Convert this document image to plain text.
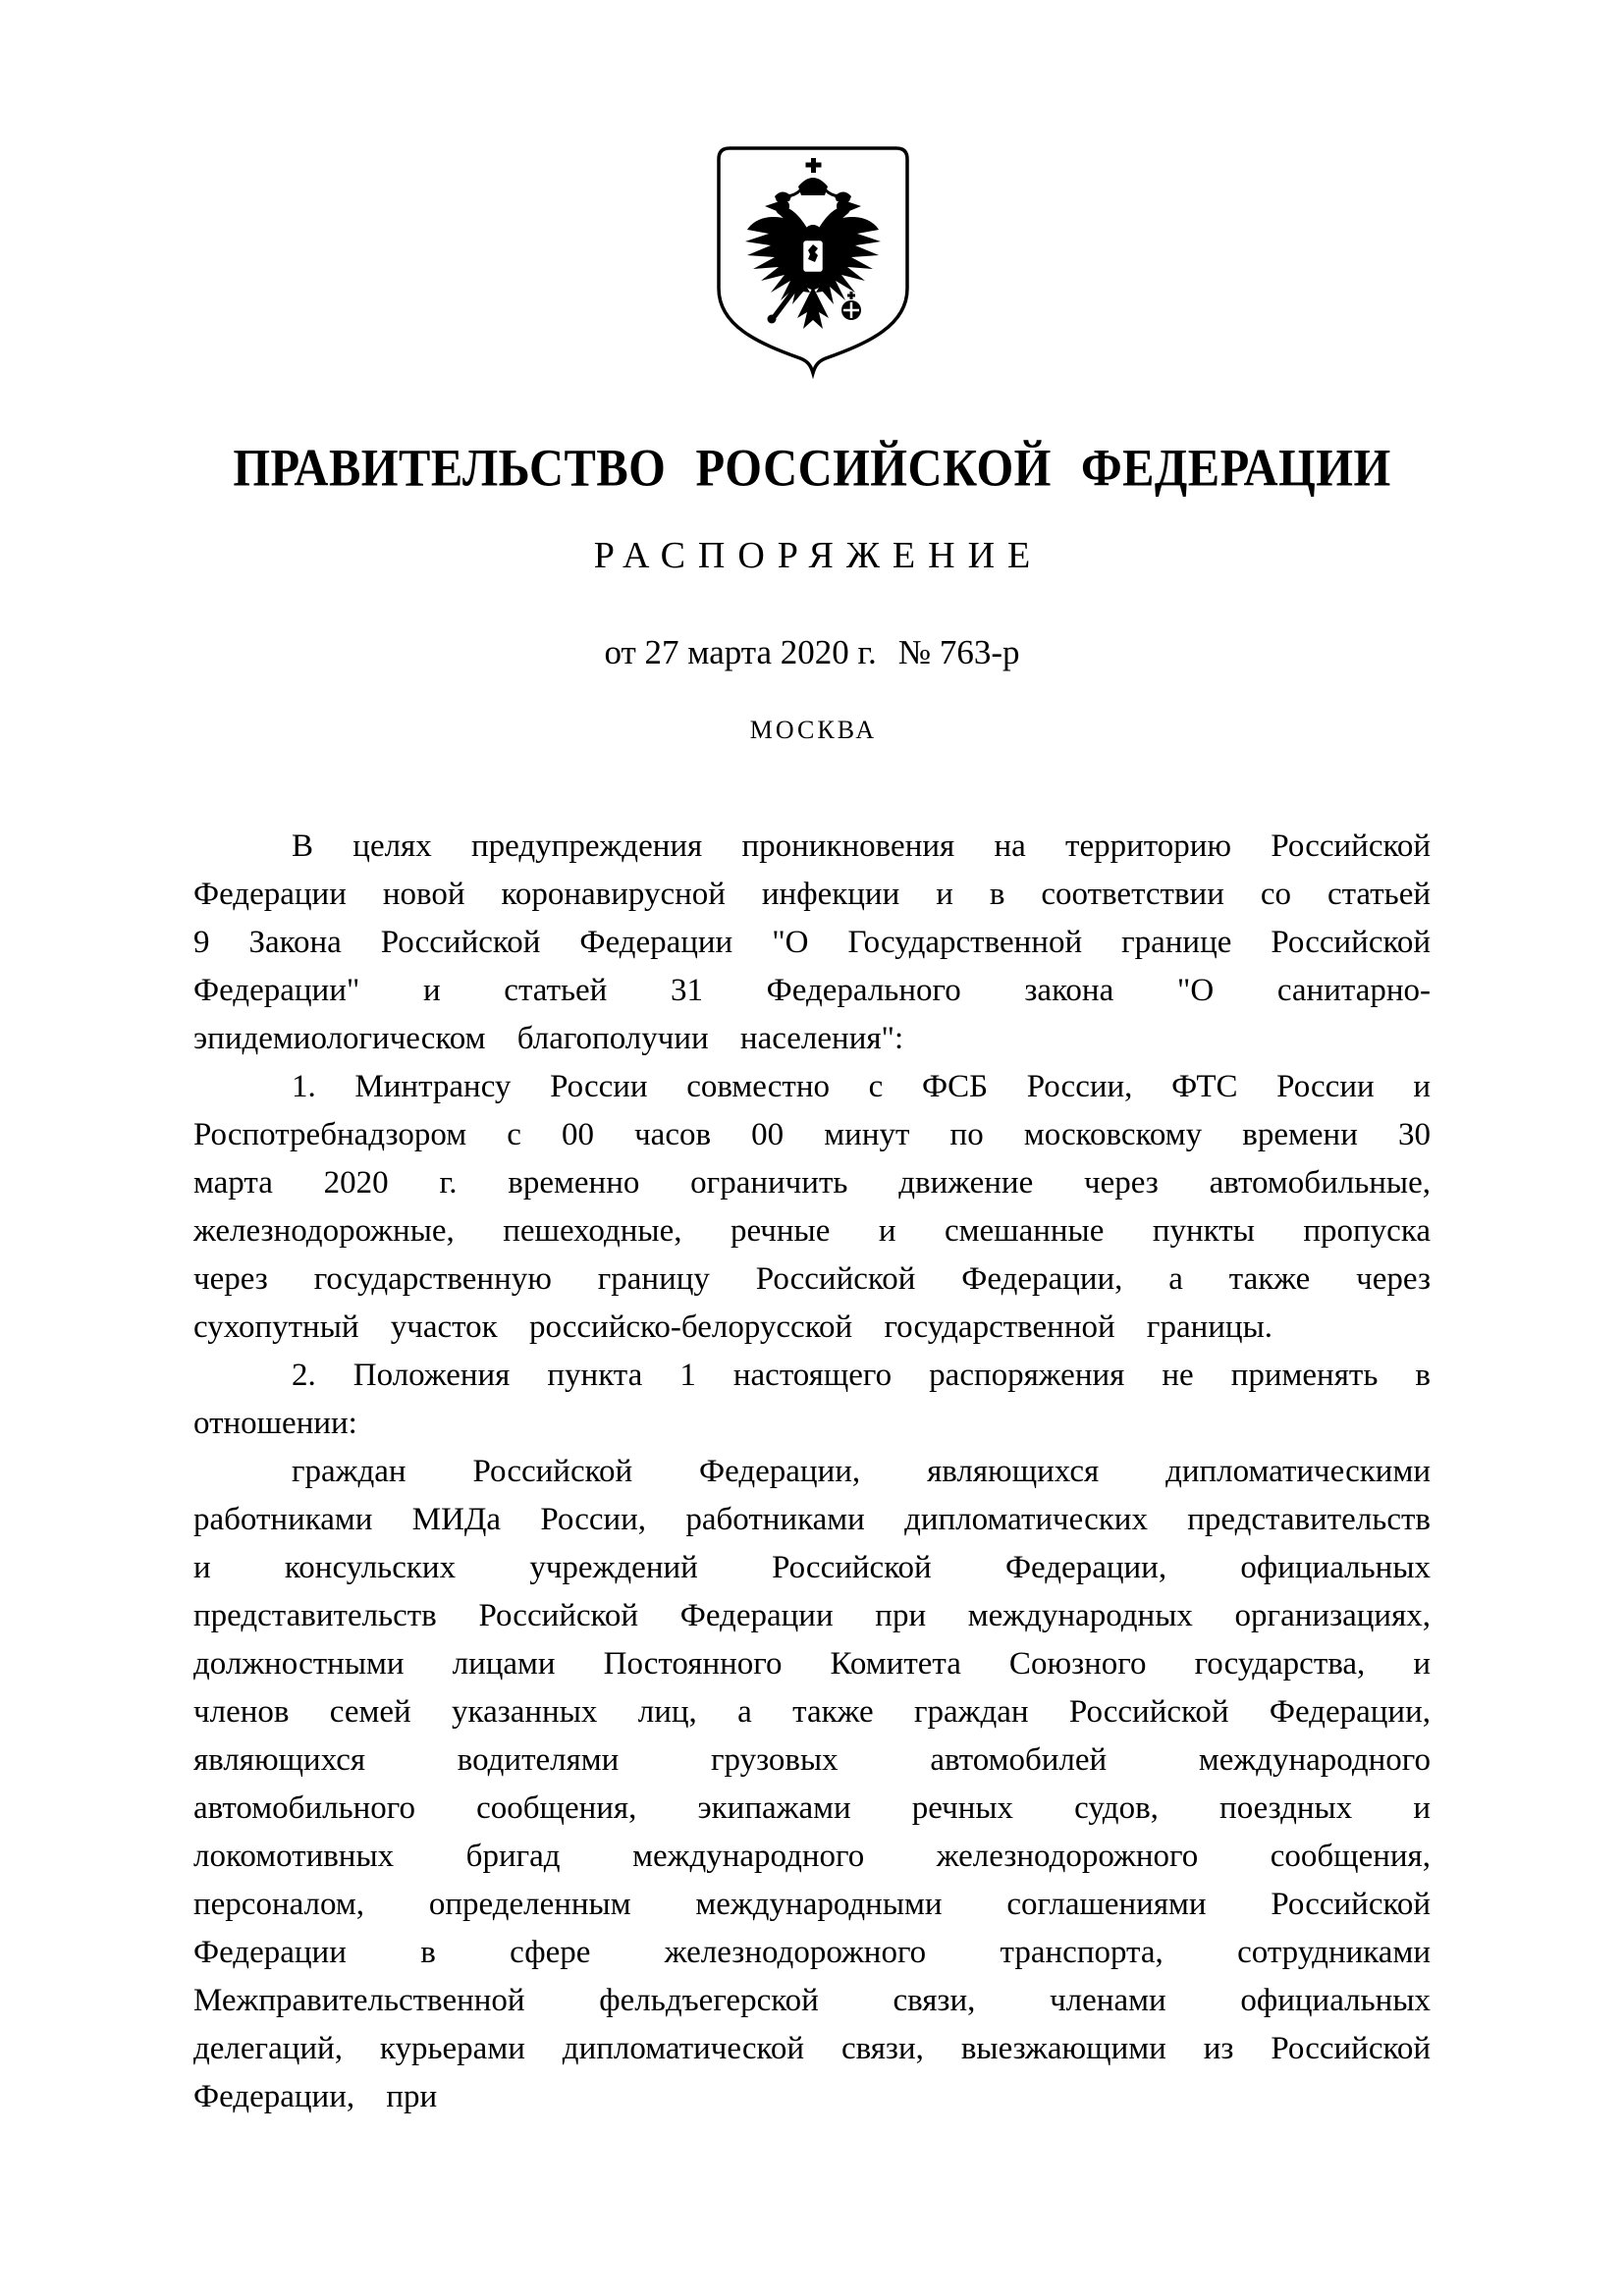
ПРАВИТЕЛЬСТВО РОССИЙСКОЙ ФЕДЕРАЦИИ
РАСПОРЯЖЕНИЕ
от 27 марта 2020 г. № 763-р
МОСКВА

В целях предупреждения проникновения на территорию Российской Федерации новой коронавирусной инфекции и в соответствии со статьей 9 Закона Российской Федерации "О Государственной границе Российской Федерации" и статьей 31 Федерального закона "О санитарно-эпидемиологическом благополучии населения":

1. Минтрансу России совместно с ФСБ России, ФТС России и Роспотребнадзором с 00 часов 00 минут по московскому времени 30 марта 2020 г. временно ограничить движение через автомобильные, железнодорожные, пешеходные, речные и смешанные пункты пропуска через государственную границу Российской Федерации, а также через сухопутный участок российско-белорусской государственной границы.

2. Положения пункта 1 настоящего распоряжения не применять в отношении:

граждан Российской Федерации, являющихся дипломатическими работниками МИДа России, работниками дипломатических представительств и консульских учреждений Российской Федерации, официальных представительств Российской Федерации при международных организациях, должностными лицами Постоянного Комитета Союзного государства, и членов семей указанных лиц, а также граждан Российской Федерации, являющихся водителями грузовых автомобилей международного автомобильного сообщения, экипажами речных судов, поездных и локомотивных бригад международного железнодорожного сообщения, персоналом, определенным международными соглашениями Российской Федерации в сфере железнодорожного транспорта, сотрудниками Межправительственной фельдъегерской связи, членами официальных делегаций, курьерами дипломатической связи, выезжающими из Российской Федерации, при
